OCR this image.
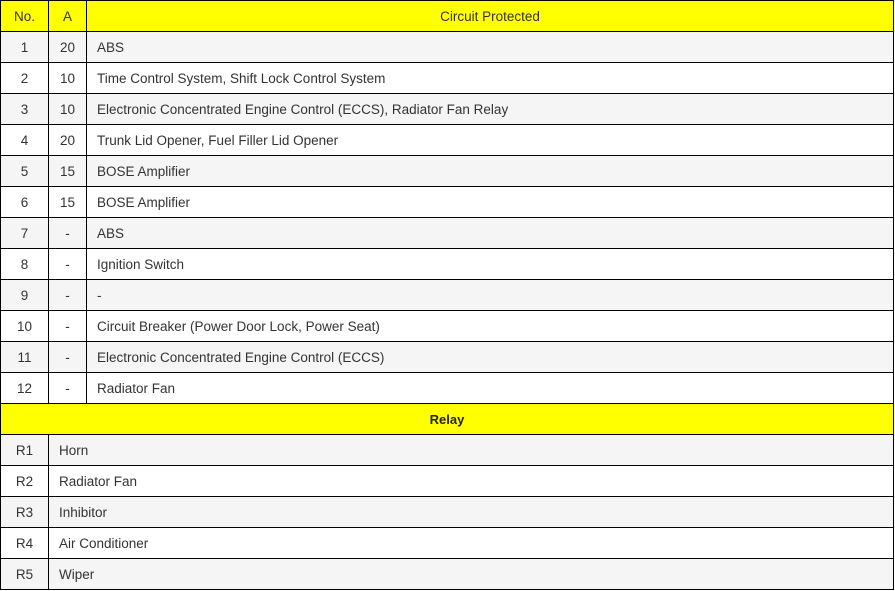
No.	A	Circuit Protected
1	20	ABS
2	10	Time Control System, Shift Lock Control System
3	10	Electronic Concentrated Engine Control (ECCS), Radiator Fan Relay
4	20	Trunk Lid Opener, Fuel Filler Lid Opener
5	15	BOSE Amplifier
6	15	BOSE Amplifier
7	-	ABS
8	-	Ignition Switch
9	-	-
10	-	Circuit Breaker (Power Door Lock, Power Seat)
11	-	Electronic Concentrated Engine Control (ECCS)
12	-	Radiator Fan
Relay		
R1	Horn	
R2	Radiator Fan	
R3	Inhibitor	
R4	Air Conditioner	
R5	Wiper	
